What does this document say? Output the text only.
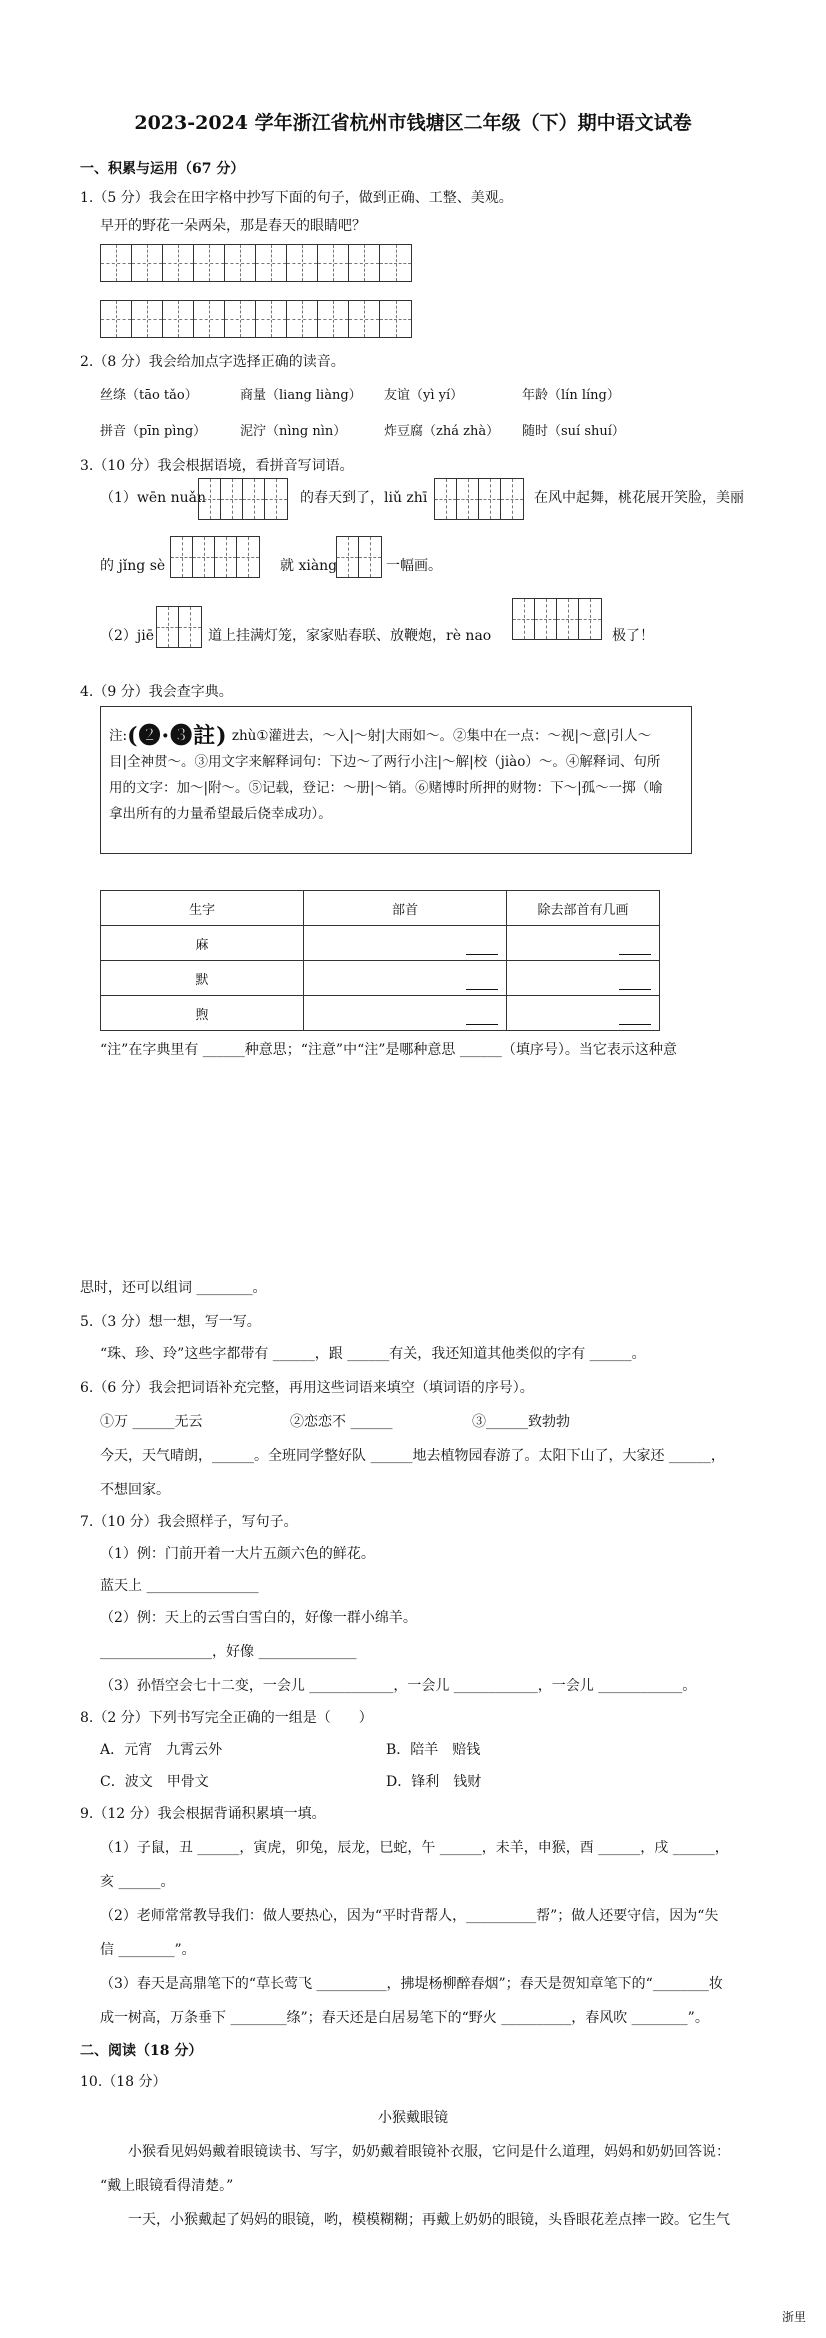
2023-2024 学年浙江省杭州市钱塘区二年级（下）期中语文试卷
一、积累与运用（67 分）
1.（5 分）我会在田字格中抄写下面的句子，做到正确、工整、美观。
早开的野花一朵两朵，那是春天的眼睛吧？
2.（8 分）我会给加点字选择正确的读音。
丝绦（tāo tǎo）	商量（liang liàng） 友谊（yì yí）	年龄（lín líng）
拼音（pīn pìng）	泥泞（nìng nìn）	炸豆腐（zhá zhà） 随时（suí shuí）
3.（10 分）我会根据语境，看拼音写词语。
（1）wēn nuǎn	的春天到了，liǔ zhī	在风中起舞，桃花展开笑脸，美丽
的 jǐng sè	就 xiàng	一幅画。
（2）jiē	道上挂满灯笼，家家贴春联、放鞭炮，rè nao	极了！
4.（9 分）我会查字典。
注:(❷·❸註) zhù①灌进去，～入|～射|大雨如～。②集中在一点：～视|～意|引人～
目|全神贯～。③用文字来解释词句：下边～了两行小注|～解|校（jiào）～。④解释词、句所
用的文字：加～|附～。⑤记载，登记：～册|～销。⑥赌博时所押的财物：下～|孤～一掷（喻
拿出所有的力量希望最后侥幸成功）。
生字	部首	除去部首有几画
麻	

默	

煦	

“注”在字典里有 ______种意思；“注意”中“注”是哪种意思 ______（填序号）。当它表示这种意
思时，还可以组词 ________。
5.（3 分）想一想，写一写。
“珠、珍、玲”这些字都带有 ______，跟 ______有关，我还知道其他类似的字有 ______。
6.（6 分）我会把词语补充完整，再用这些词语来填空（填词语的序号）。
①万 ______无云	②恋恋不 ______	③______致勃勃
今天，天气晴朗，______。全班同学整好队 ______地去植物园春游了。太阳下山了，大家还 ______，
不想回家。
7.（10 分）我会照样子，写句子。
（1）例：门前开着一大片五颜六色的鲜花。
蓝天上 ________________
（2）例：天上的云雪白雪白的，好像一群小绵羊。
________________，好像 ______________
（3）孙悟空会七十二变，一会儿 ____________，一会儿 ____________，一会儿 ____________。
8.（2 分）下列书写完全正确的一组是（　　）
A．元宵　九霄云外	B．陪羊　赔钱
C．波文　甲骨文	D．锋利　钱财
9.（12 分）我会根据背诵积累填一填。
（1）子鼠，丑 ______，寅虎，卯兔，辰龙，巳蛇，午 ______，未羊，申猴，酉 ______，戌 ______，
亥 ______。
（2）老师常常教导我们：做人要热心，因为“平时背帮人，__________帮”；做人还要守信，因为“失
信 ________”。
（3）春天是高鼎笔下的“草长莺飞 __________，拂堤杨柳醉春烟”；春天是贺知章笔下的“________妆
成一树高，万条垂下 ________绦”；春天还是白居易笔下的“野火 __________，春风吹 ________”。
二、阅读（18 分）
10.（18 分）
小猴戴眼镜
小猴看见妈妈戴着眼镜读书、写字，奶奶戴着眼镜补衣服，它问是什么道理，妈妈和奶奶回答说：
“戴上眼镜看得清楚。”
一天，小猴戴起了妈妈的眼镜，哟，模模糊糊；再戴上奶奶的眼镜，头昏眼花差点摔一跤。它生气
浙里
